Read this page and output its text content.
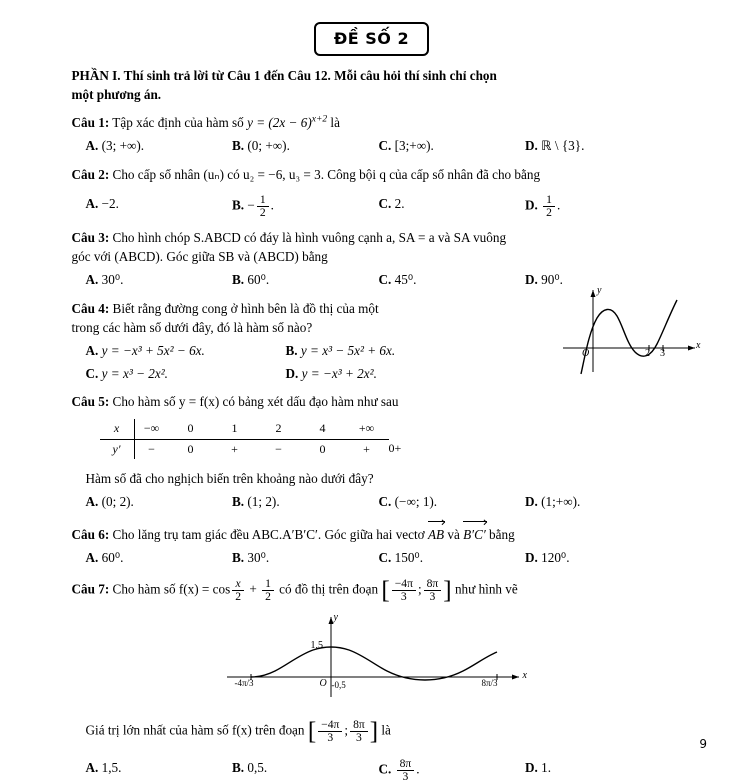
ĐỀ SỐ 2
PHẦN I. Thí sinh trả lời từ Câu 1 đến Câu 12. Mỗi câu hỏi thí sinh chỉ chọn
một phương án.
Câu 1: Tập xác định của hàm số $y = (2x - 6)^{x+2}$ là
A. (3; +∞).	B. (0; +∞).	C. [3;+∞).	D. ℝ \ {3}.
Câu 2: Cho cấp số nhân (uₙ) có u₂ = −6, u₃ = 3. Công bội q của cấp số nhân đã cho bằng
A. −2.	B. − $\frac{1}{2}$ .	C. 2.	D. $\frac{1}{2}$ .
Câu 3: Cho hình chóp S.ABCD có đáy là hình vuông cạnh a, SA = a và SA vuông
góc với (ABCD). Góc giữa SB và (ABCD) bằng
A. 30⁰.	B. 60⁰.	C. 45⁰.	D. 90⁰.
Câu 4: Biết rằng đường cong ở hình bên là đồ thị của một
trong các hàm số dưới đây, đó là hàm số nào?
A. y = −x³ + 5x² − 6x.	B. y = x³ − 5x² + 6x.
C. y = x³ − 2x².	D. y = −x³ + 2x².
Câu 5: Cho hàm số y = f(x) có bảng xét dấu đạo hàm như sau
x	−∞	0	1	2	4	+∞		
y′	−	0	+	−	0	+	0	+
Hàm số đã cho nghịch biến trên khoảng nào dưới đây?
A. (0; 2).	B. (1; 2).	C. (−∞; 1).	D. (1;+∞).
Câu 6: Cho lăng trụ tam giác đều ABC.A′B′C′. Góc giữa hai vectơ AB và B′C′ bằng
A. 60⁰.	B. 30⁰.	C. 150⁰.	D. 120⁰.
Câu 7: Cho hàm số $f(x) = \cos \frac{x}{2} + \frac{1}{2}$ có đồ thị trên đoạn [ $\frac{-4\pi}{3}$ ; $\frac{8\pi}{3}$ ] như hình vẽ
y
x
O
1,5
-0,5
-4π/3	8π/3
Giá trị lớn nhất của hàm số f(x) trên đoạn [ $\frac{-4\pi}{3}$ ; $\frac{8\pi}{3}$ ] là
A. 1,5.	B. 0,5.	C. $\frac{8\pi}{3}$ .	D. 1.
y
x
O	2 3
9
